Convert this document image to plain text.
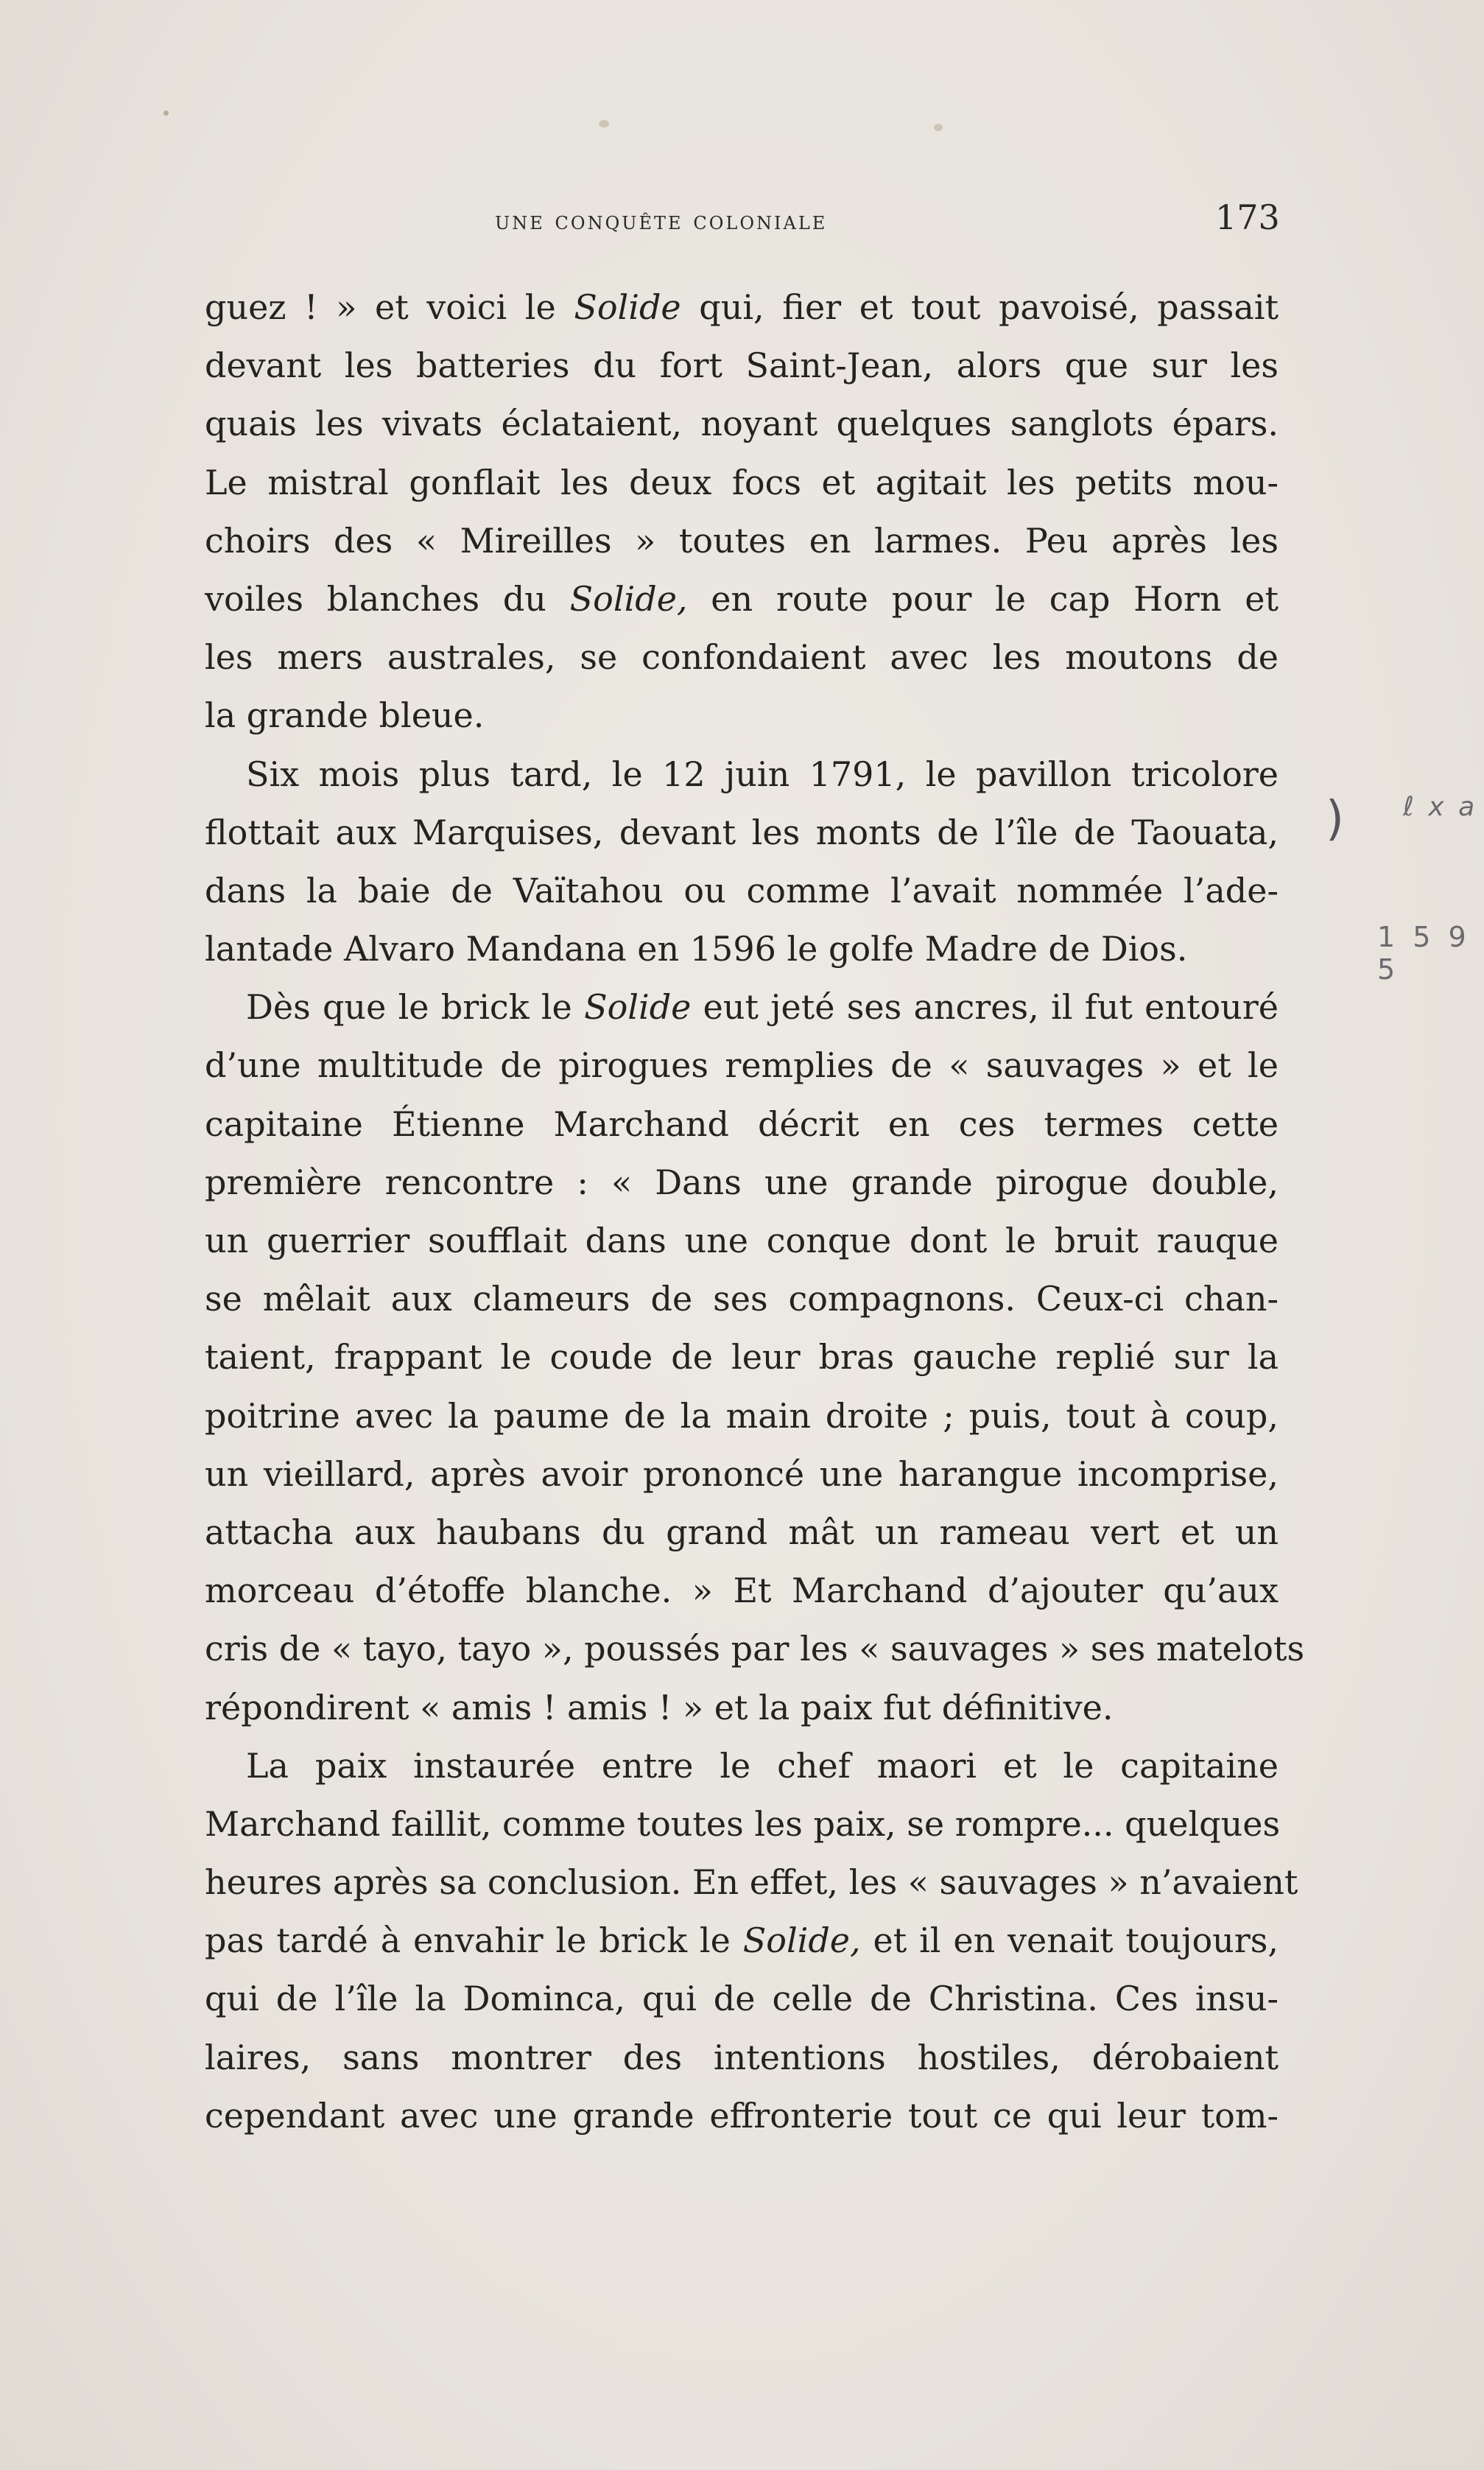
une conquête coloniale	173
guez ! » et voici le Solide qui, fier et tout pavoisé, passait
devant les batteries du fort Saint-Jean, alors que sur les
quais les vivats éclataient, noyant quelques sanglots épars.
Le mistral gonflait les deux focs et agitait les petits mou-
choirs des « Mireilles » toutes en larmes. Peu après les
voiles blanches du Solide, en route pour le cap Horn et
les mers australes, se confondaient avec les moutons de
la grande bleue.
Six mois plus tard, le 12 juin 1791, le pavillon tricolore
flottait aux Marquises, devant les monts de l’île de Taouata,
dans la baie de Vaïtahou ou comme l’avait nommée l’ade-
lantade Alvaro Mandana en 1596 le golfe Madre de Dios.
Dès que le brick le Solide eut jeté ses ancres, il fut entouré
d’une multitude de pirogues remplies de « sauvages » et le
capitaine Étienne Marchand décrit en ces termes cette
première rencontre : « Dans une grande pirogue double,
un guerrier soufflait dans une conque dont le bruit rauque
se mêlait aux clameurs de ses compagnons. Ceux-ci chan-
taient, frappant le coude de leur bras gauche replié sur la
poitrine avec la paume de la main droite ; puis, tout à coup,
un vieillard, après avoir prononcé une harangue incomprise,
attacha aux haubans du grand mât un rameau vert et un
morceau d’étoffe blanche. » Et Marchand d’ajouter qu’aux
cris de « tayo, tayo », poussés par les « sauvages » ses matelots
répondirent « amis ! amis ! » et la paix fut définitive.
La paix instaurée entre le chef maori et le capitaine
Marchand faillit, comme toutes les paix, se rompre... quelques
heures après sa conclusion. En effet, les « sauvages » n’avaient
pas tardé à envahir le brick le Solide, et il en venait toujours,
qui de l’île la Dominca, qui de celle de Christina. Ces insu-
laires, sans montrer des intentions hostiles, dérobaient
cependant avec une grande effronterie tout ce qui leur tom-
) ℓ x a
1 5 9 5
